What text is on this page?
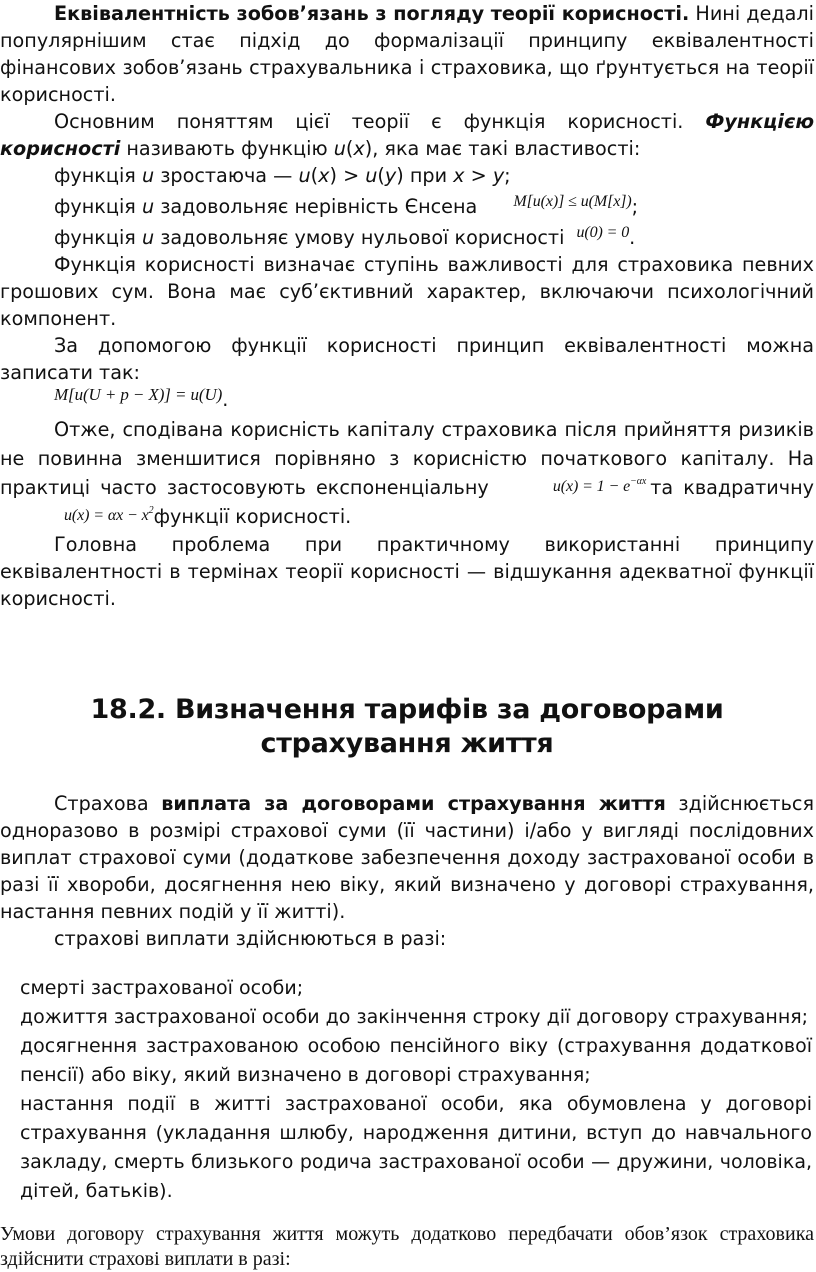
Еквівалентність зобов’язань з погляду теорії корисності. Нині дедалі популярнішим стає підхід до формалізації принципу еквівалентності фінансових зобов’язань страхувальника і страховика, що ґрунтується на теорії корисності.

Основним поняттям цієї теорії є функція корисності. Функцією корисності називають функцію u(x), яка має такі властивості:

функція u зростаюча — u(x) > u(y) при x > y;

функція u задовольняє нерівність Єнсена M[u(x)] ≤ u(M[x]);

функція u задовольняє умову нульової корисності u(0) = 0.

Функція корисності визначає ступінь важливості для страховика певних грошових сум. Вона має суб’єктивний характер, включаючи психологічний компонент.

За допомогою функції корисності принцип еквівалентності можна записати так:

M[u(U + p − X)] = u(U).

Отже, сподівана корисність капіталу страховика після прийняття ризиків не повинна зменшитися порівняно з корисністю початкового капіталу. На практиці часто застосовують експоненціальну	$u(x) = 1 - e^{-\alpha x}$ та квадратичну $u(x) = \alpha x - x^2функції$ корисності.

Головна проблема при практичному використанні принципу еквівалентності в термінах теорії корисності — відшукання адекватної функції корисності.

18.2. Визначення тарифів за договорами страхування життя

Страхова виплата за договорами страхування життя здійснюється одноразово в розмірі страхової суми (її частини) і/або у вигляді послідовних виплат страхової суми (додаткове забезпечення доходу застрахованої особи в разі її хвороби, досягнення нею віку, який визначено у договорі страхування, настання певних подій у її житті).

страхові виплати здійснюються в разі:

смерті застрахованої особи;

дожиття застрахованої особи до закінчення строку дії договору страхування;

досягнення застрахованою особою пенсійного віку (страхування додаткової пенсії) або віку, який визначено в договорі страхування;

настання події в житті застрахованої особи, яка обумовлена у договорі страхування (укладання шлюбу, народження дитини, вступ до навчального закладу, смерть близького родича застрахованої особи — дружини, чоловіка, дітей, батьків).

Умови договору страхування життя можуть додатково передбачати обов’язок страховика здійснити страхові виплати в разі:
